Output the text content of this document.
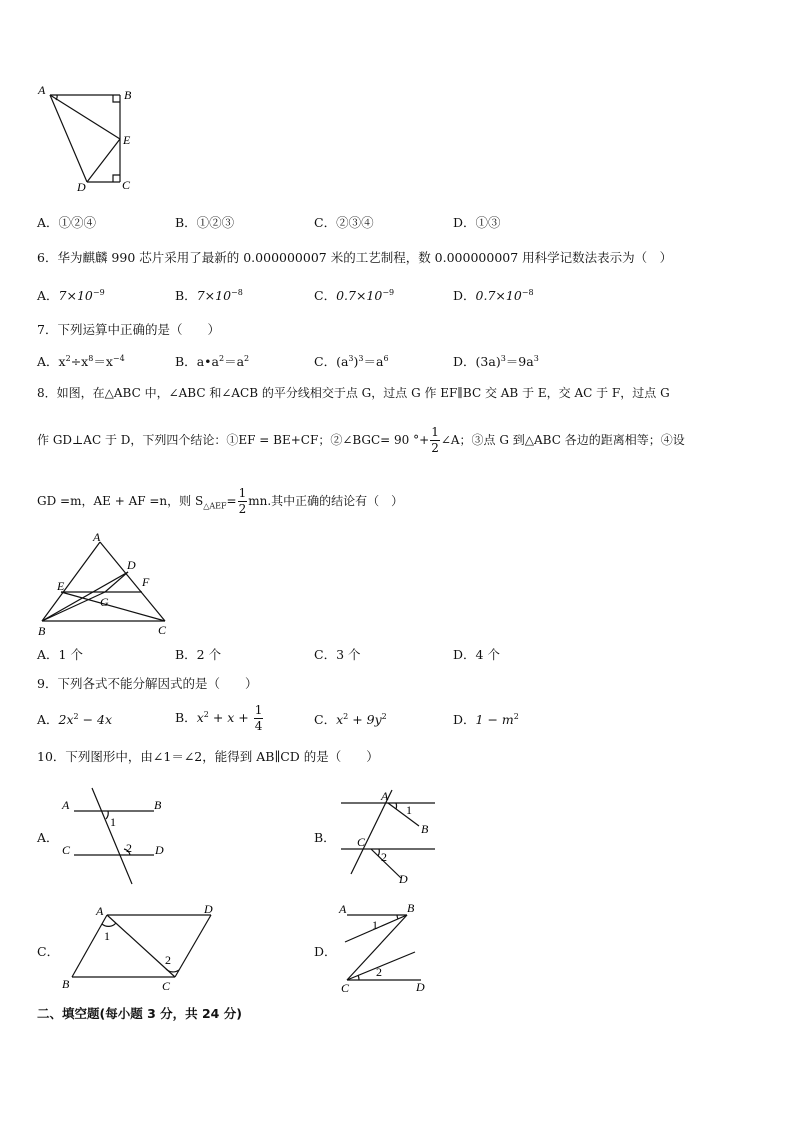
A	B
E
D	C
A．①②④	B．①②③	C．②③④	D．①③
6．华为麒麟 990 芯片采用了最新的 0.000000007 米的工艺制程，数 0.000000007 用科学记数法表示为（　）
A．$7\times 10^{-9}$	B．$7\times 10^{-8}$	C．$0.7\times 10^{-9}$	D．$0.7\times 10^{-8}$
7．下列运算中正确的是（　　）
A．$x^2\div x^8=x^{-4}$	B．$a•a^2=a^2$	C．$(a^3)^3=a^6$	D．$(3a)^3=9a^3$
8．如图，在△ABC 中，∠ABC 和∠ACB 的平分线相交于点 G，过点 G 作 EF∥BC 交 AB 于 E，交 AC 于 F，过点 G
作 GD⊥AC 于 D，下列四个结论：①EF = BE+CF；②∠BGC= 90 °+ $\frac{1}{2}$ ∠A；③点 G 到△ABC 各边的距离相等；④设
GD =m，AE + AF =n，则 $S_{\triangle AEF}= \frac{1}{2}$ mn.其中正确的结论有（　）
A
D
E	F
G
B	C
A．1 个	B．2 个	C．3 个	D．4 个
9．下列各式不能分解因式的是（　　）
A．$2x^2 - 4x$	B．$x^2 + x + \frac{1}{4}$	C．$x^2 + 9y^2$	D．$1 - m^2$
10．下列图形中，由∠1＝∠2，能得到 AB∥CD 的是（　　）
A．
A	B
C	D
1
2
B．
A
B
C
D
1
2
C．
A	D
B	C
1
2
D．
A	B
C	D
1
2
二、填空题(每小题 3 分，共 24 分)
